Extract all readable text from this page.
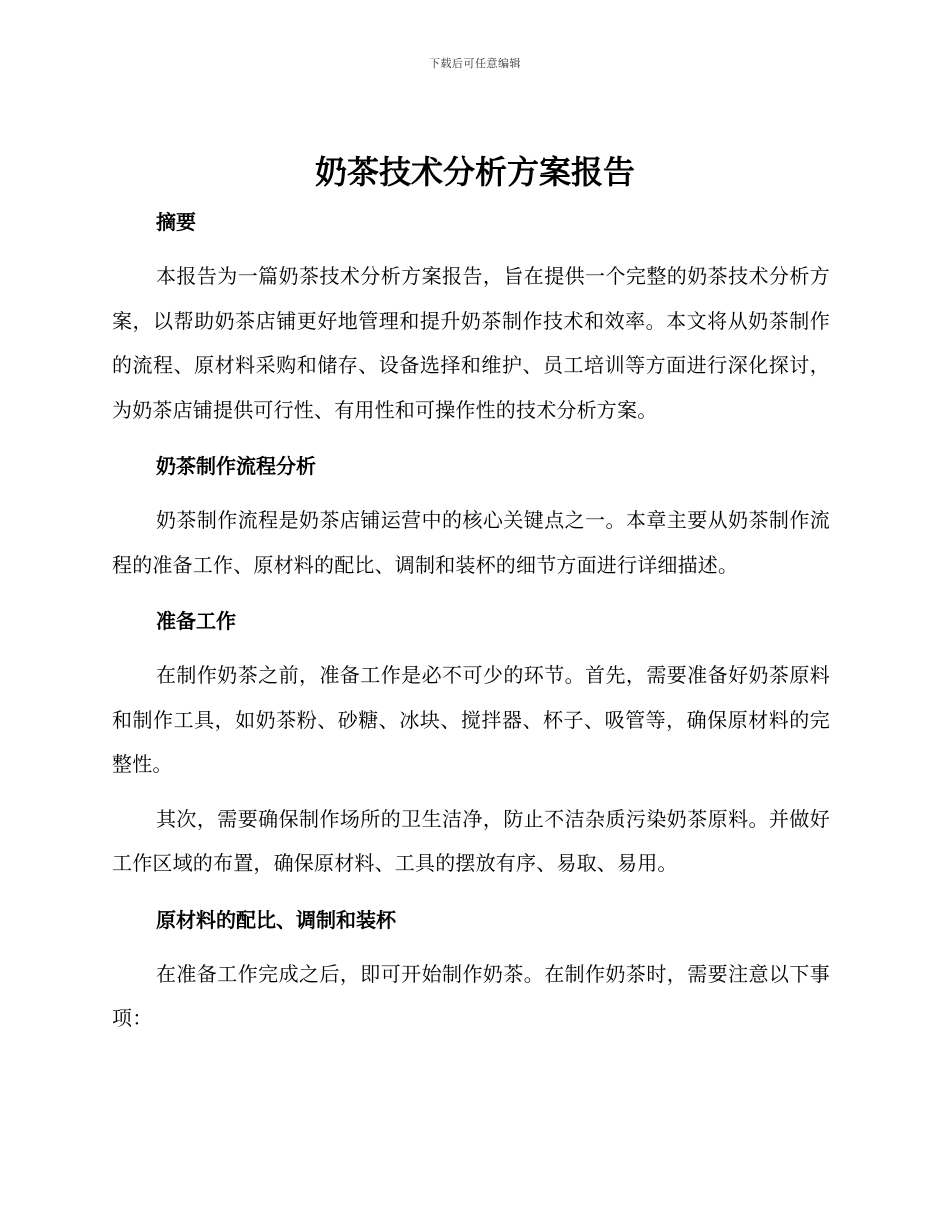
下载后可任意编辑
奶茶技术分析方案报告
摘要

本报告为一篇奶茶技术分析方案报告，旨在提供一个完整的奶茶技术分析方案，以帮助奶茶店铺更好地管理和提升奶茶制作技术和效率。本文将从奶茶制作的流程、原材料采购和储存、设备选择和维护、员工培训等方面进行深化探讨，为奶茶店铺提供可行性、有用性和可操作性的技术分析方案。

奶茶制作流程分析

奶茶制作流程是奶茶店铺运营中的核心关键点之一。本章主要从奶茶制作流程的准备工作、原材料的配比、调制和装杯的细节方面进行详细描述。

准备工作

在制作奶茶之前，准备工作是必不可少的环节。首先，需要准备好奶茶原料和制作工具，如奶茶粉、砂糖、冰块、搅拌器、杯子、吸管等，确保原材料的完整性。

其次，需要确保制作场所的卫生洁净，防止不洁杂质污染奶茶原料。并做好工作区域的布置，确保原材料、工具的摆放有序、易取、易用。

原材料的配比、调制和装杯

在准备工作完成之后，即可开始制作奶茶。在制作奶茶时，需要注意以下事项：
